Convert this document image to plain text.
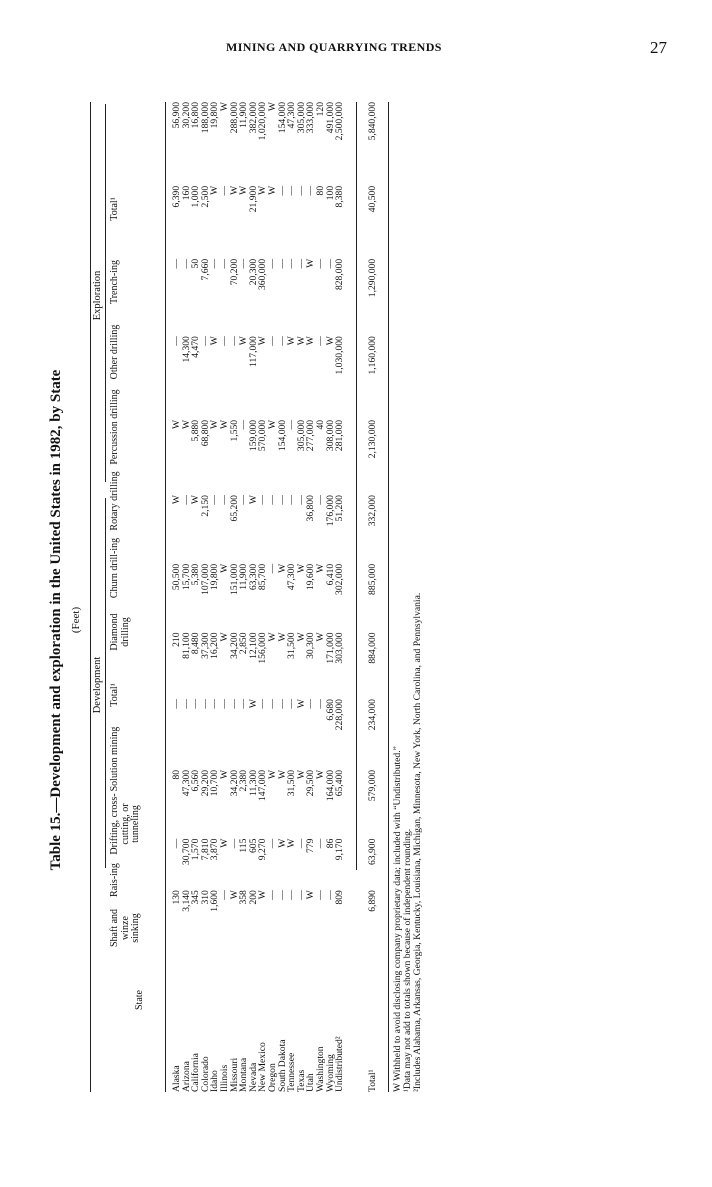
MINING AND QUARRYING TRENDS	27
Table 15.—Development and exploration in the United States in 1982, by State (Feet)
Development
Exploration
State
Shaft and winze sinking
Rais-ing
Drifting, cross-cutting, or tunneling
Solution mining
Total¹
Diamond drilling
Churn drill-ing
Rotary drilling
Percussion drilling
Other drilling
Trench-ing
Total¹
Alaska	130	—	80	—	210	50,500	W	W	—	—	6,390	56,900
Arizona	3,140	30,700	47,300	—	81,100	15,700	—	W	14,300	—	160	30,200
California	345	1,570	6,560	—	8,480	5,380	W	5,880	4,470	50	1,000	16,800
Colorado	310	7,810	29,200	—	37,300	107,000	2,150	68,800	—	7,660	2,500	188,000
Idaho	1,600	3,870	10,700	—	16,200	19,800	—	W	W	—	W	19,800
Illinois	—	W	W	—	W	W	—	W	—	—	—	W
Missouri	W	—	34,200	—	34,200	151,000	65,200	1,550	—	70,200	W	288,000
Montana	358	115	2,380	—	2,850	11,900	—	—	W	—	W	11,900
Nevada	200	605	11,300	W	12,100	63,300	W	159,000	117,000	20,300	21,900	382,000
New Mexico	W	9,270	147,000	—	156,000	85,700	—	570,000	W	360,000	W	1,020,000
Oregon	—	—	W	—	W	—	—	W	—	—	W	W
South Dakota	—	W	W	—	W	W	—	154,000	—	—	—	154,000
Tennessee	—	W	31,500	—	31,500	47,300	—	—	W	—	—	47,300
Texas	—	—	W	W	W	W	—	305,000	W	—	—	305,000
Utah	W	779	29,500	—	30,300	19,600	36,800	277,000	W	W	—	333,000
Washington	—	—	W	—	W	W	—	40	—	—	80	120
Wyoming	—	86	164,000	6,680	171,000	6,410	176,000	308,000	W	—	100	491,000
Undistributed²	809	9,170	65,400	228,000	303,000	302,000	51,200	281,000	1,030,000	828,000	8,380	2,500,000
Total¹	6,890	63,900	579,000	234,000	884,000	885,000	332,000	2,130,000	1,160,000	1,290,000	40,500	5,840,000
W Withheld to avoid disclosing company proprietary data; included with “Undistributed.” ¹Data may not add to totals shown because of independent rounding. ²Includes Alabama, Arkansas, Georgia, Kentucky, Louisiana, Michigan, Minnesota, New York, North Carolina, and Pennsylvania.
